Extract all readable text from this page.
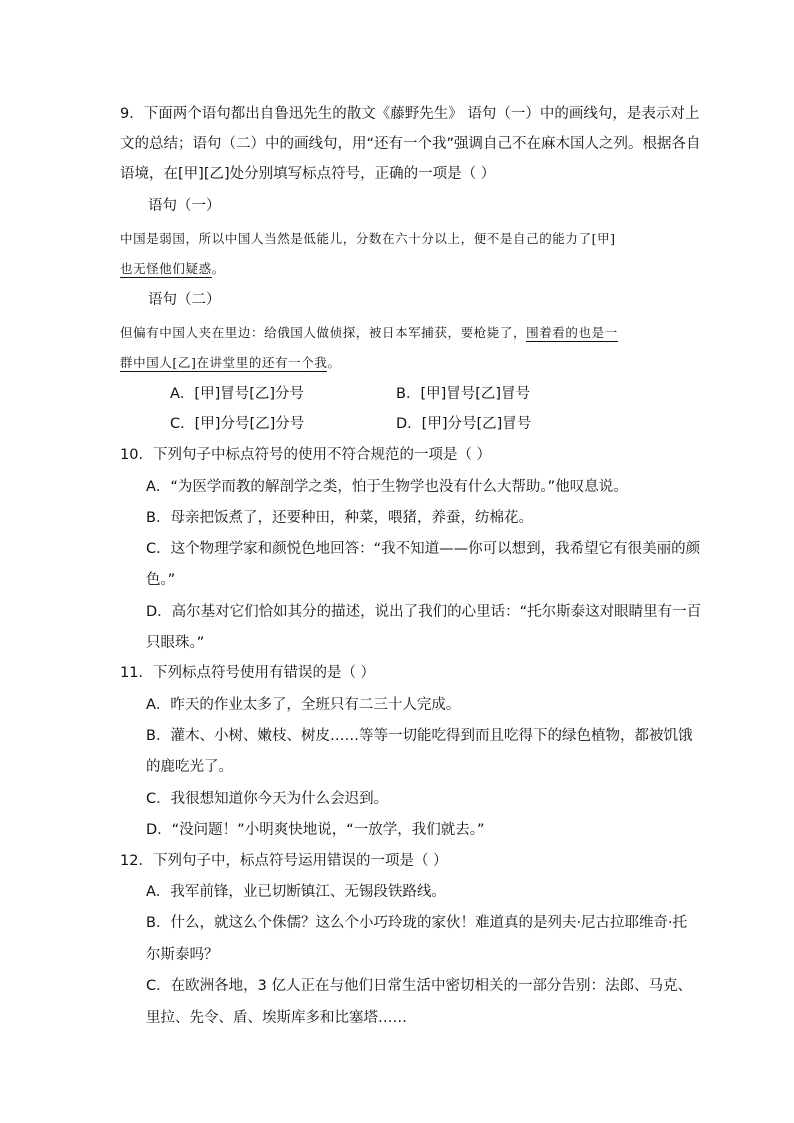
9．下面两个语句都出自鲁迅先生的散文《藤野先生》 语句（一）中的画线句，是表示对上
文的总结；语句（二）中的画线句，用“还有一个我”强调自己不在麻木国人之列。根据各自
语境，在[甲][乙]处分别填写标点符号，正确的一项是（ ）
语句（一）
中国是弱国，所以中国人当然是低能儿，分数在六十分以上，便不是自己的能力了[甲]
也无怪他们疑惑。
语句（二）
但偏有中国人夹在里边：给俄国人做侦探，被日本军捕获，要枪毙了，围着看的也是一
群中国人[乙]在讲堂里的还有一个我。
A．[甲]冒号[乙]分号	B．[甲]冒号[乙]冒号
C．[甲]分号[乙]分号	D．[甲]分号[乙]冒号
10．下列句子中标点符号的使用不符合规范的一项是（ ）
A．“为医学而教的解剖学之类，怕于生物学也没有什么大帮助。”他叹息说。
B．母亲把饭煮了，还要种田，种菜，喂猪，养蚕，纺棉花。
C．这个物理学家和颜悦色地回答：“我不知道——你可以想到，我希望它有很美丽的颜
色。”
D．高尔基对它们恰如其分的描述，说出了我们的心里话：“托尔斯泰这对眼睛里有一百
只眼珠。”
11．下列标点符号使用有错误的是（ ）
A．昨天的作业太多了，全班只有二三十人完成。
B．灌木、小树、嫩枝、树皮……等等一切能吃得到而且吃得下的绿色植物，都被饥饿
的鹿吃光了。
C．我很想知道你今天为什么会迟到。
D．“没问题！”小明爽快地说，“一放学，我们就去。”
12．下列句子中，标点符号运用错误的一项是（ ）
A．我军前锋，业已切断镇江、无锡段铁路线。
B．什么，就这么个侏儒？这么个小巧玲珑的家伙！难道真的是列夫·尼古拉耶维奇·托
尔斯泰吗？
C．在欧洲各地，3 亿人正在与他们日常生活中密切相关的一部分告别：法郎、马克、
里拉、先令、盾、埃斯库多和比塞塔……
